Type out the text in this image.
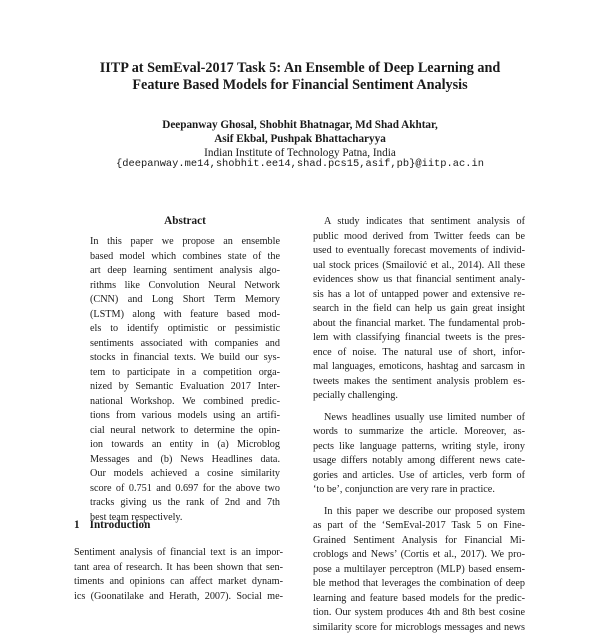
IITP at SemEval-2017 Task 5: An Ensemble of Deep Learning and
Feature Based Models for Financial Sentiment Analysis
Deepanway Ghosal, Shobhit Bhatnagar, Md Shad Akhtar,
Asif Ekbal, Pushpak Bhattacharyya
Indian Institute of Technology Patna, India
{deepanway.me14,shobhit.ee14,shad.pcs15,asif,pb}@iitp.ac.in
Abstract
In this paper we propose an ensemble
based model which combines state of the
art deep learning sentiment analysis algo-
rithms like Convolution Neural Network
(CNN) and Long Short Term Memory
(LSTM) along with feature based mod-
els to identify optimistic or pessimistic
sentiments associated with companies and
stocks in financial texts. We build our sys-
tem to participate in a competition orga-
nized by Semantic Evaluation 2017 Inter-
national Workshop. We combined predic-
tions from various models using an artifi-
cial neural network to determine the opin-
ion towards an entity in (a) Microblog
Messages and (b) News Headlines data.
Our models achieved a cosine similarity
score of 0.751 and 0.697 for the above two
tracks giving us the rank of 2nd and 7th
best team respectively.
1 Introduction
Sentiment analysis of financial text is an impor-
tant area of research. It has been shown that sen-
timents and opinions can affect market dynam-
ics (Goonatilake and Herath, 2007). Social me-
A study indicates that sentiment analysis of
public mood derived from Twitter feeds can be
used to eventually forecast movements of individ-
ual stock prices (Smailović et al., 2014). All these
evidences show us that financial sentiment analy-
sis has a lot of untapped power and extensive re-
search in the field can help us gain great insight
about the financial market. The fundamental prob-
lem with classifying financial tweets is the pres-
ence of noise. The natural use of short, infor-
mal languages, emoticons, hashtag and sarcasm in
tweets makes the sentiment analysis problem es-
pecially challenging.
News headlines usually use limited number of
words to summarize the article. Moreover, as-
pects like language patterns, writing style, irony
usage differs notably among different news cate-
gories and articles. Use of articles, verb form of
‘to be’, conjunction are very rare in practice.
In this paper we describe our proposed system
as part of the ‘SemEval-2017 Task 5 on Fine-
Grained Sentiment Analysis for Financial Mi-
croblogs and News’ (Cortis et al., 2017). We pro-
pose a multilayer perceptron (MLP) based ensem-
ble method that leverages the combination of deep
learning and feature based models for the predic-
tion. Our system produces 4th and 8th best cosine
similarity score for microblogs messages and news
